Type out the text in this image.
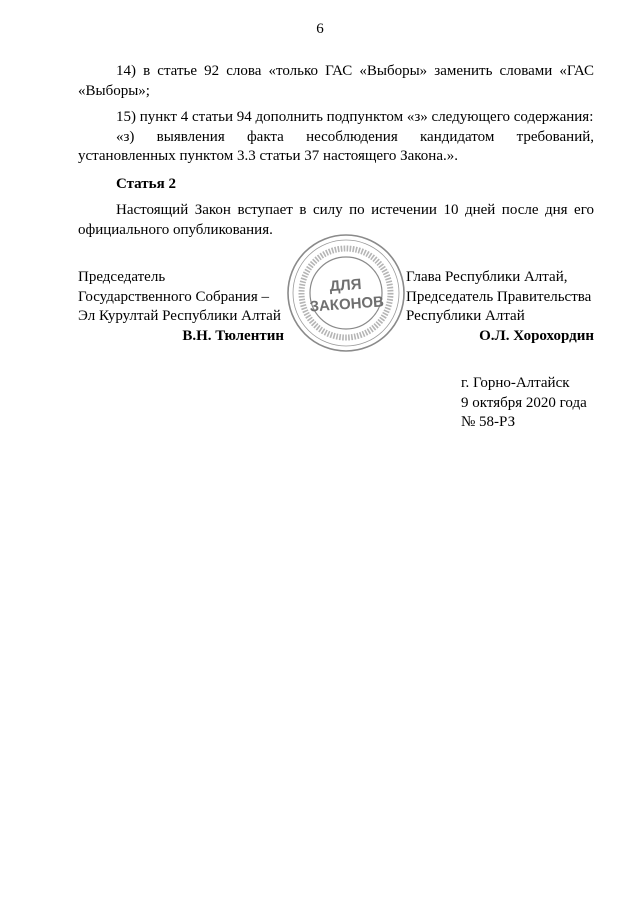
6

14) в статье 92 слова «только ГАС «Выборы» заменить словами «ГАС

«Выборы»;

15) пункт 4 статьи 94 дополнить подпунктом «з» следующего содержания:

«з) выявления факта несоблюдения кандидатом требований,

установленных пунктом 3.3 статьи 37 настоящего Закона.».

Статья 2

Настоящий Закон вступает в силу по истечении 10 дней после дня его

официального опубликования.

Председатель
Государственного Собрания –
Эл Курултай Республики Алтай
В.Н. Тюлентин
ДЛЯ
ЗАКОНОВ
Глава Республики Алтай,
Председатель Правительства
Республики Алтай
О.Л. Хорохордин
г. Горно-Алтайск
9 октября 2020 года
№ 58-РЗ
